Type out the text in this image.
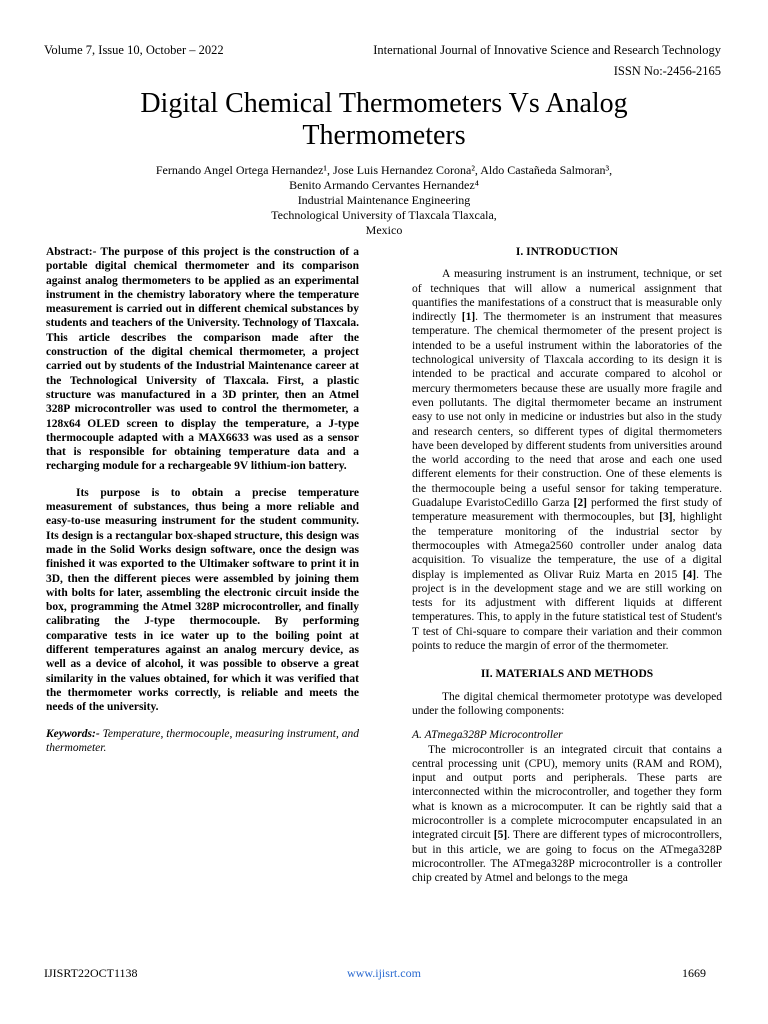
Volume 7, Issue 10, October – 2022	International Journal of Innovative Science and Research Technology
ISSN No:-2456-2165
Digital Chemical Thermometers Vs Analog Thermometers
Fernando Angel Ortega Hernandez¹, Jose Luis Hernandez Corona², Aldo Castañeda Salmoran³,
Benito Armando Cervantes Hernandez⁴
Industrial Maintenance Engineering
Technological University of Tlaxcala Tlaxcala,
Mexico

Abstract:- The purpose of this project is the construction of a portable digital chemical thermometer and its comparison against analog thermometers to be applied as an experimental instrument in the chemistry laboratory where the temperature measurement is carried out in different chemical substances by students and teachers of the University. Technology of Tlaxcala. This article describes the comparison made after the construction of the digital chemical thermometer, a project carried out by students of the Industrial Maintenance career at the Technological University of Tlaxcala. First, a plastic structure was manufactured in a 3D printer, then an Atmel 328P microcontroller was used to control the thermometer, a 128x64 OLED screen to display the temperature, a J-type thermocouple adapted with a MAX6633 was used as a sensor that is responsible for obtaining temperature data and a recharging module for a rechargeable 9V lithium-ion battery.

Its purpose is to obtain a precise temperature measurement of substances, thus being a more reliable and easy-to-use measuring instrument for the student community. Its design is a rectangular box-shaped structure, this design was made in the Solid Works design software, once the design was finished it was exported to the Ultimaker software to print it in 3D, then the different pieces were assembled by joining them with bolts for later, assembling the electronic circuit inside the box, programming the Atmel 328P microcontroller, and finally calibrating the J-type thermocouple. By performing comparative tests in ice water up to the boiling point at different temperatures against an analog mercury device, as well as a device of alcohol, it was possible to observe a great similarity in the values obtained, for which it was verified that the thermometer works correctly, is reliable and meets the needs of the university.

Keywords:- Temperature, thermocouple, measuring instrument, and thermometer.

I. INTRODUCTION

A measuring instrument is an instrument, technique, or set of techniques that will allow a numerical assignment that quantifies the manifestations of a construct that is measurable only indirectly [1]. The thermometer is an instrument that measures temperature. The chemical thermometer of the present project is intended to be a useful instrument within the laboratories of the technological university of Tlaxcala according to its design it is intended to be practical and accurate compared to alcohol or mercury thermometers because these are usually more fragile and even pollutants. The digital thermometer became an instrument easy to use not only in medicine or industries but also in the study and research centers, so different types of digital thermometers have been developed by different students from universities around the world according to the need that arose and each one used different elements for their construction. One of these elements is the thermocouple being a useful sensor for taking temperature. Guadalupe EvaristoCedillo Garza [2] performed the first study of temperature measurement with thermocouples, but [3], highlight the temperature monitoring of the industrial sector by thermocouples with Atmega2560 controller under analog data acquisition. To visualize the temperature, the use of a digital display is implemented as Olivar Ruiz Marta en 2015 [4]. The project is in the development stage and we are still working on tests for its adjustment with different liquids at different temperatures. This, to apply in the future statistical test of Student's T test of Chi-square to compare their variation and their common points to reduce the margin of error of the thermometer.

II. MATERIALS AND METHODS

The digital chemical thermometer prototype was developed under the following components:

A. ATmega328P Microcontroller

The microcontroller is an integrated circuit that contains a central processing unit (CPU), memory units (RAM and ROM), input and output ports and peripherals. These parts are interconnected within the microcontroller, and together they form what is known as a microcomputer. It can be rightly said that a microcontroller is a complete microcomputer encapsulated in an integrated circuit [5]. There are different types of microcontrollers, but in this article, we are going to focus on the ATmega328P microcontroller. The ATmega328P microcontroller is a controller chip created by Atmel and belongs to the mega

IJISRT22OCT1138	www.ijisrt.com	1669
